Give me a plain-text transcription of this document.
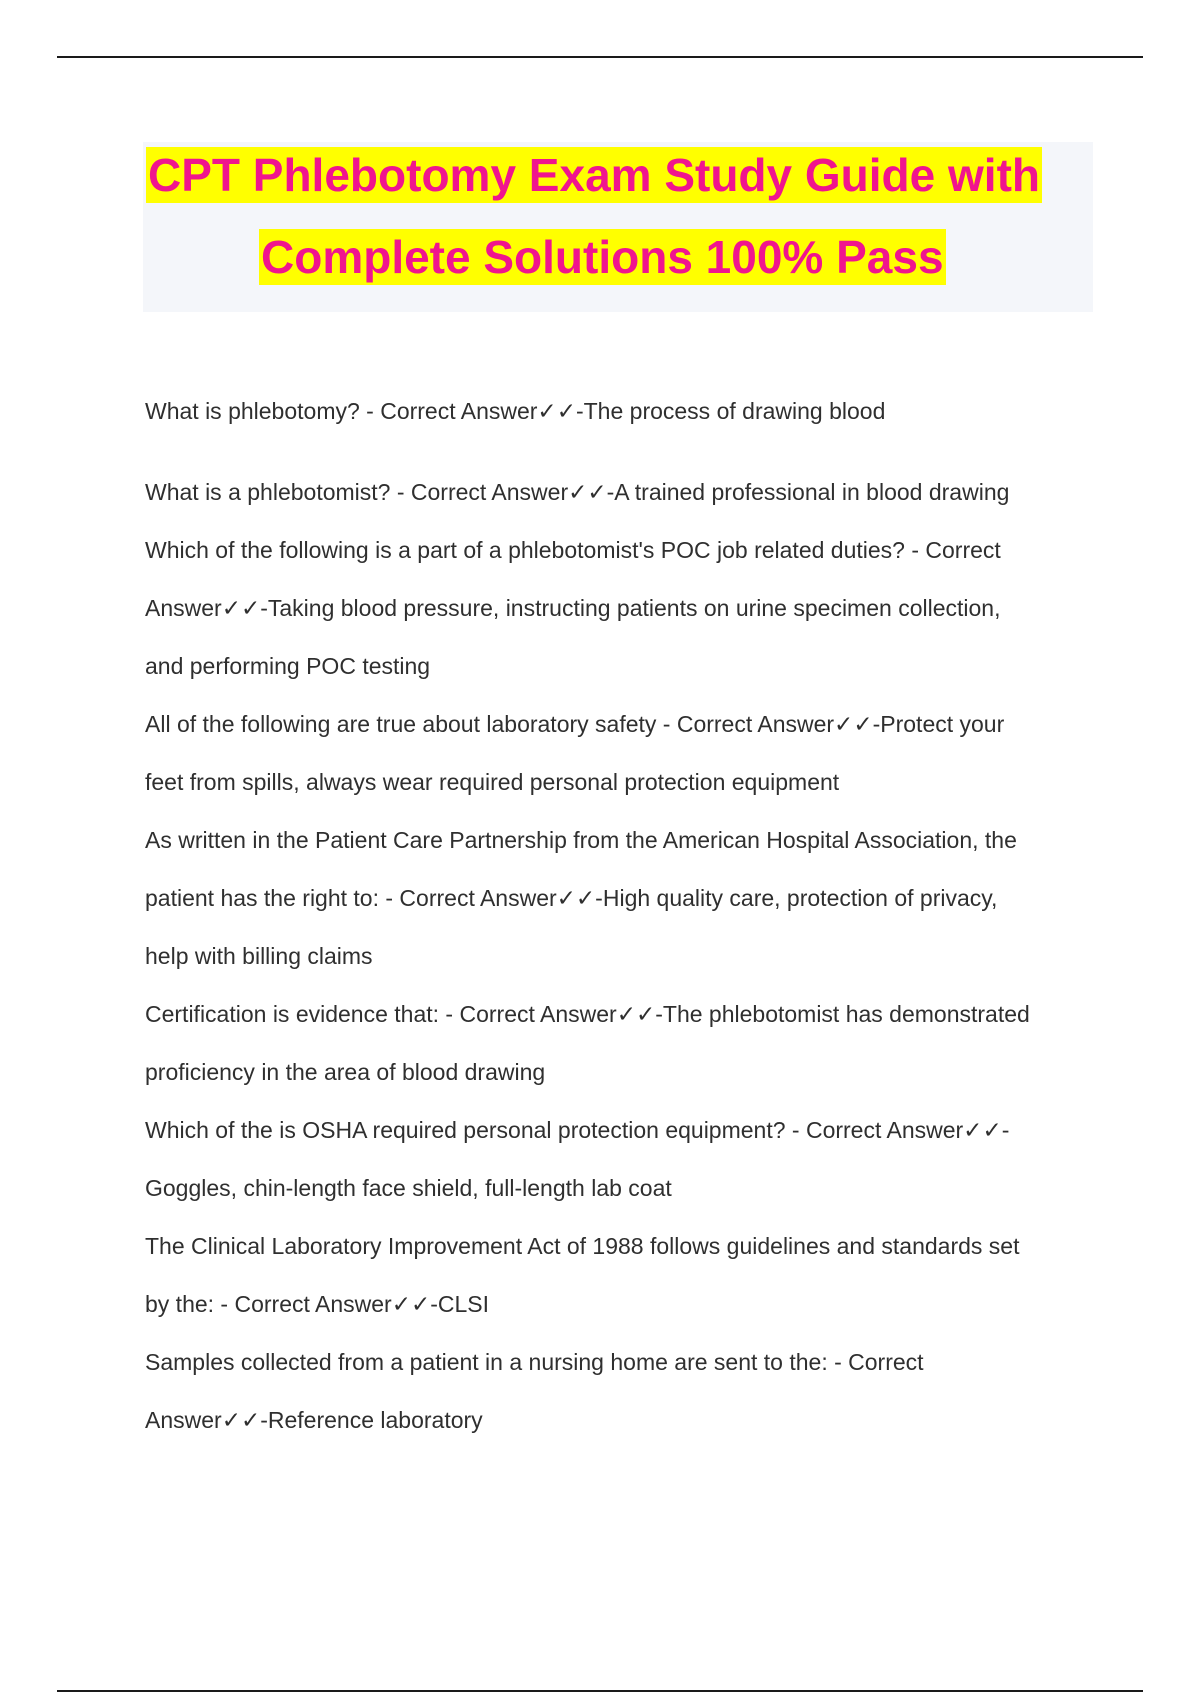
CPT Phlebotomy Exam Study Guide with
Complete Solutions 100% Pass

What is phlebotomy? - Correct Answer✓✓-The process of drawing blood

What is a phlebotomist? - Correct Answer✓✓-A trained professional in blood drawing

Which of the following is a part of a phlebotomist's POC job related duties? - Correct

Answer✓✓-Taking blood pressure, instructing patients on urine specimen collection,

and performing POC testing

All of the following are true about laboratory safety - Correct Answer✓✓-Protect your

feet from spills, always wear required personal protection equipment

As written in the Patient Care Partnership from the American Hospital Association, the

patient has the right to: - Correct Answer✓✓-High quality care, protection of privacy,

help with billing claims

Certification is evidence that: - Correct Answer✓✓-The phlebotomist has demonstrated

proficiency in the area of blood drawing

Which of the is OSHA required personal protection equipment? - Correct Answer✓✓-

Goggles, chin-length face shield, full-length lab coat

The Clinical Laboratory Improvement Act of 1988 follows guidelines and standards set

by the: - Correct Answer✓✓-CLSI

Samples collected from a patient in a nursing home are sent to the: - Correct

Answer✓✓-Reference laboratory
